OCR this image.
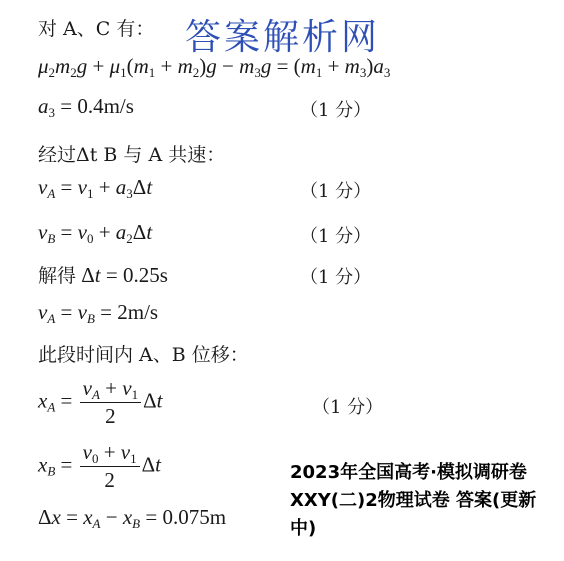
答案解析网
对 A、C 有：
$\mu_2m_2g + \mu_1(m_1 + m_2)g - m_3g = (m_1 + m_3)a_3$
$a_3 = 0.4m/s$	（1 分）
经过Δt B 与 A 共速：
$v_A = v_1 + a_3\Delta t$	（1 分）
$v_B = v_0 + a_2\Delta t$	（1 分）
解得 Δt = 0.25s	（1 分）
$v_A = v_B = 2m/s$
此段时间内 A、B 位移：
$x_A = \frac{v_A + v_1}{2}$ Δt	（1 分）
$x_B = \frac{v_0 + v_1}{2}$ Δt
$\Delta x = x_A - x_B = 0.075m$
2023年全国高考·模拟调研卷XXY(二)2物理试卷 答案(更新中)
